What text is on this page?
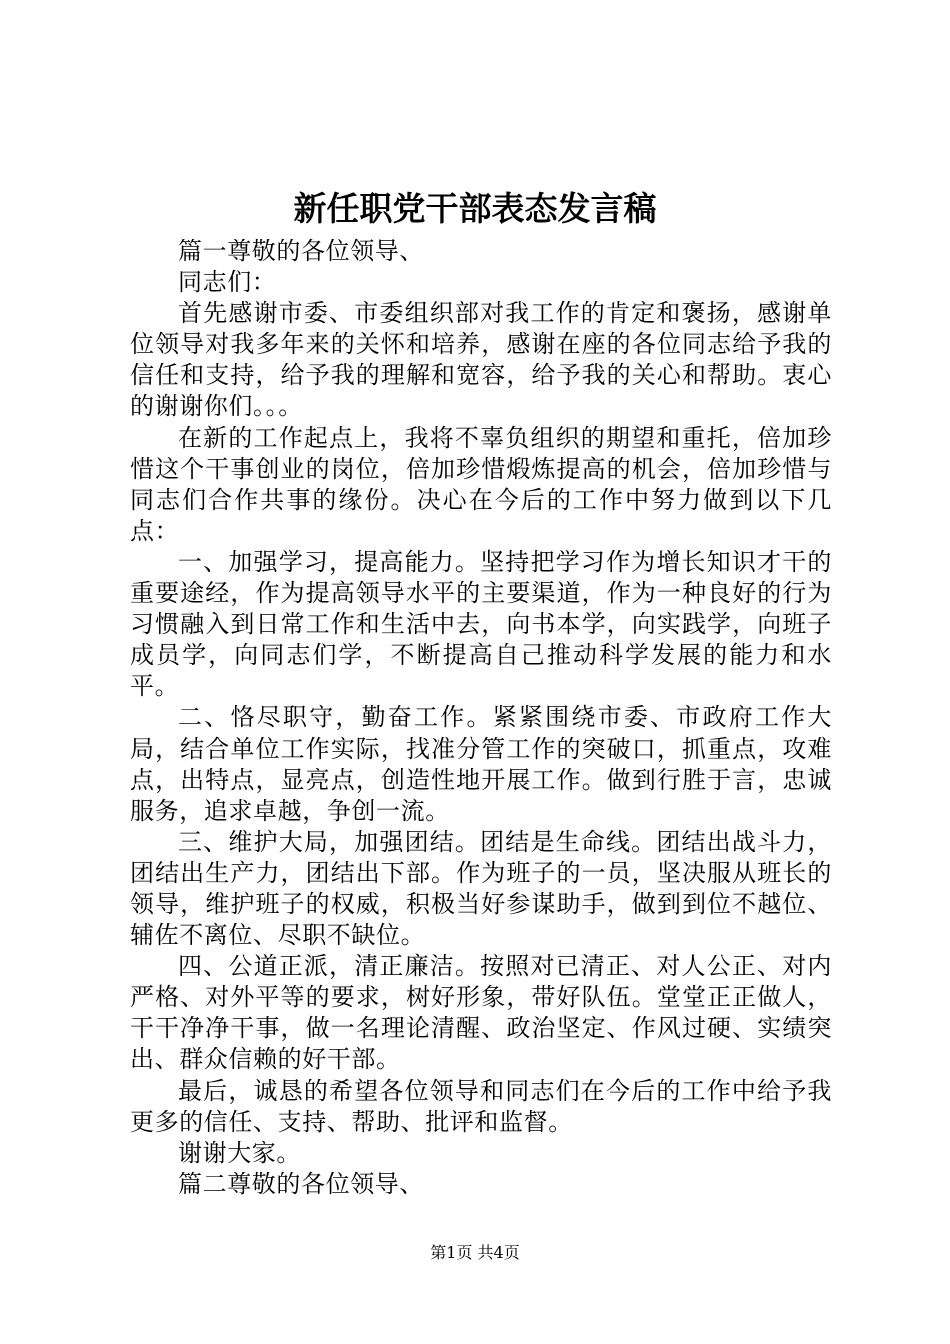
新任职党干部表态发言稿

篇一尊敬的各位领导、

同志们：

首先感谢市委、市委组织部对我工作的肯定和褒扬，感谢单位领导对我多年来的关怀和培养，感谢在座的各位同志给予我的信任和支持，给予我的理解和宽容，给予我的关心和帮助。衷心的谢谢你们。。。

在新的工作起点上，我将不辜负组织的期望和重托，倍加珍惜这个干事创业的岗位，倍加珍惜煅炼提高的机会，倍加珍惜与同志们合作共事的缘份。决心在今后的工作中努力做到以下几点：

一、加强学习，提高能力。坚持把学习作为增长知识才干的重要途经，作为提高领导水平的主要渠道，作为一种良好的行为习惯融入到日常工作和生活中去，向书本学，向实践学，向班子成员学，向同志们学，不断提高自己推动科学发展的能力和水平。

二、恪尽职守，勤奋工作。紧紧围绕市委、市政府工作大局，结合单位工作实际，找准分管工作的突破口，抓重点，攻难点，出特点，显亮点，创造性地开展工作。做到行胜于言，忠诚服务，追求卓越，争创一流。

三、维护大局，加强团结。团结是生命线。团结出战斗力，团结出生产力，团结出下部。作为班子的一员，坚决服从班长的领导，维护班子的权威，积极当好参谋助手，做到到位不越位、辅佐不离位、尽职不缺位。

四、公道正派，清正廉洁。按照对已清正、对人公正、对内严格、对外平等的要求，树好形象，带好队伍。堂堂正正做人，干干净净干事，做一名理论清醒、政治坚定、作风过硬、实绩突出、群众信赖的好干部。

最后，诚恳的希望各位领导和同志们在今后的工作中给予我更多的信任、支持、帮助、批评和监督。

谢谢大家。

篇二尊敬的各位领导、

第1页 共4页
